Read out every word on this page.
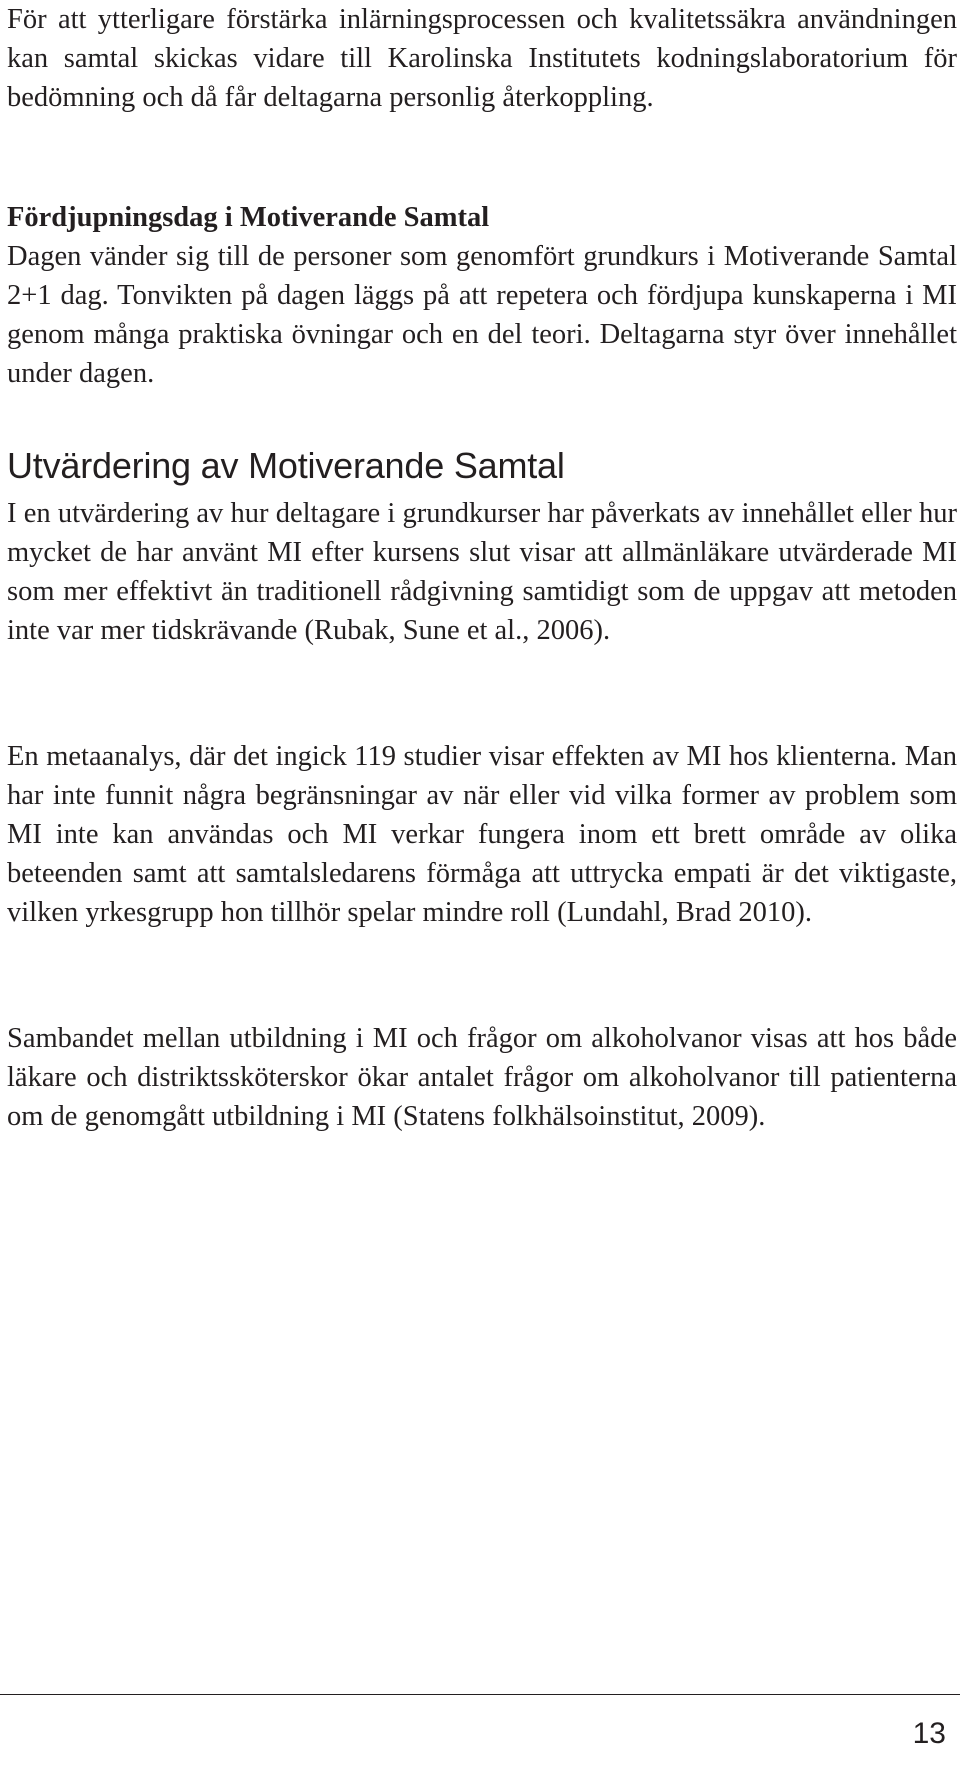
För att ytterligare förstärka inlärningsprocessen och kvalitetssäkra användningen kan samtal skickas vidare till Karolinska Institutets kodningslaboratorium för bedömning och då får deltagarna personlig återkoppling.

Fördjupningsdag i Motiverande Samtal

Dagen vänder sig till de personer som genomfört grundkurs i Motiverande Samtal 2+1 dag. Tonvikten på dagen läggs på att repetera och fördjupa kunskaperna i MI genom många praktiska övningar och en del teori. Deltagarna styr över innehållet under dagen.

Utvärdering av Motiverande Samtal

I en utvärdering av hur deltagare i grundkurser har påverkats av innehållet eller hur mycket de har använt MI efter kursens slut visar att allmänläkare utvärderade MI som mer effektivt än traditionell rådgivning samtidigt som de uppgav att metoden inte var mer tidskrävande (Rubak, Sune et al., 2006).

En metaanalys, där det ingick 119 studier visar effekten av MI hos klienterna. Man har inte funnit några begränsningar av när eller vid vilka former av problem som MI inte kan användas och MI verkar fungera inom ett brett område av olika beteenden samt att samtalsledarens förmåga att uttrycka empati är det viktigaste, vilken yrkesgrupp hon tillhör spelar mindre roll (Lundahl, Brad 2010).

Sambandet mellan utbildning i MI och frågor om alkoholvanor visas att hos både läkare och distriktssköterskor ökar antalet frågor om alkoholvanor till patienterna om de genomgått utbildning i MI (Statens folkhälsoinstitut, 2009).

13
